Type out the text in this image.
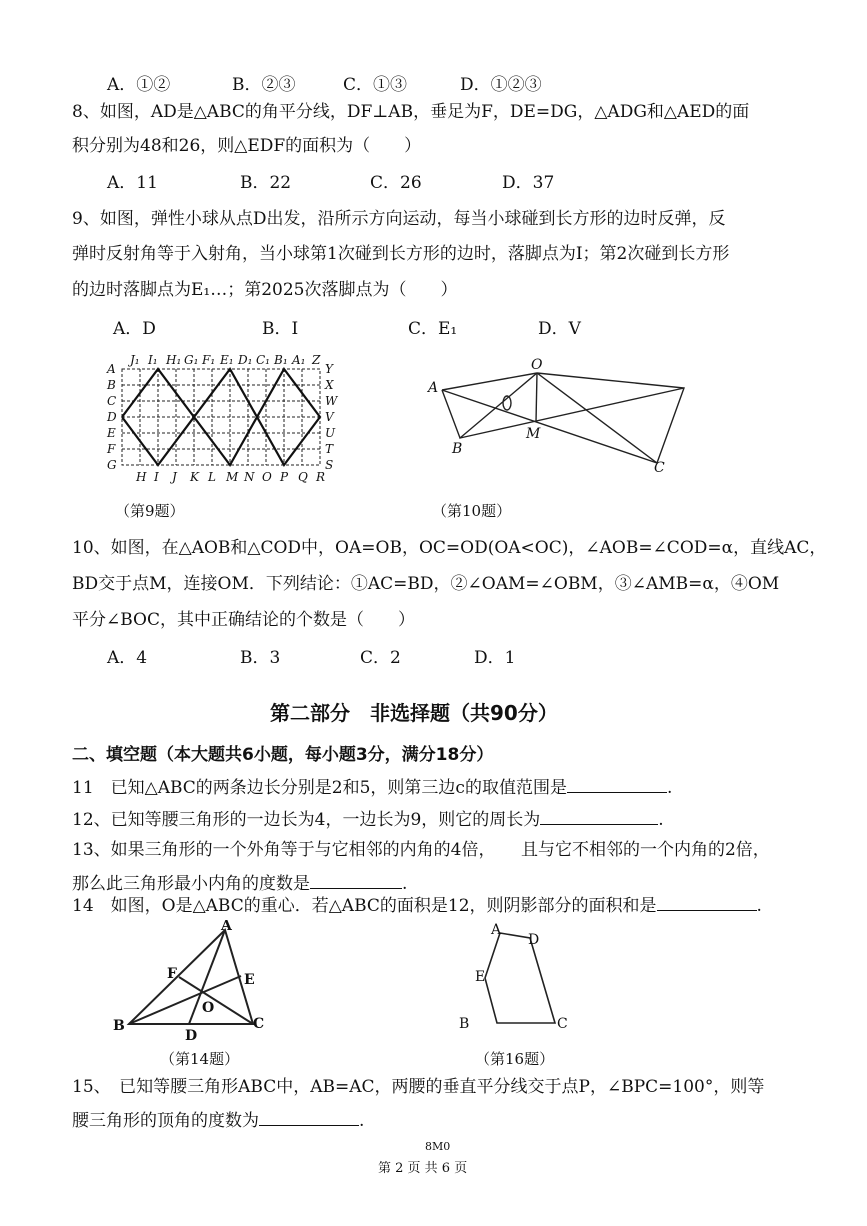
A．①②	B．②③	C．①③	D．①②③
8、如图，AD是△ABC的角平分线，DF⊥AB，垂足为F，DE=DG，△ADG和△AED的面
积分别为48和26，则△EDF的面积为（　　）
A．11	B．22	C．26	D．37
9、如图，弹性小球从点D出发，沿所示方向运动，每当小球碰到长方形的边时反弹，反
弹时反射角等于入射角，当小球第1次碰到长方形的边时，落脚点为I；第2次碰到长方形
的边时落脚点为E₁…；第2025次落脚点为（　　）
A．D	B．I	C．E₁	D．V
J₁ I₁ H₁ G₁ F₁ E₁ D₁ C₁ B₁ A₁ Z
H I J K L M N O P Q R
A
B
C
D
E
F
G
Y
X
W
V
U
T
S
（第9题）
A
O
B
M
C
（第10题）
10、如图，在△AOB和△COD中，OA=OB，OC=OD(OA<OC)，∠AOB=∠COD=α，直线AC，
BD交于点M，连接OM．下列结论：①AC=BD，②∠OAM=∠OBM，③∠AMB=α，④OM
平分∠BOC，其中正确结论的个数是（　　）
A．4	B．3	C．2	D．1
第二部分　非选择题（共90分）
二、填空题（本大题共6小题，每小题3分，满分18分）
11　已知△ABC的两条边长分别是2和5，则第三边c的取值范围是	.
12、已知等腰三角形的一边长为4，一边长为9，则它的周长为	.
13、如果三角形的一个外角等于与它相邻的内角的4倍，　　且与它不相邻的一个内角的2倍，
那么此三角形最小内角的度数是	.
14　如图，O是△ABC的重心．若△ABC的面积是12，则阴影部分的面积和是	.
A
F	E
O
B
D
C
（第14题）
A
D
E
B	C
（第16题）
15、　已知等腰三角形ABC中，AB=AC，两腰的垂直平分线交于点P，∠BPC=100°，则等
腰三角形的顶角的度数为	.
8M0
第 2 页 共 6 页
